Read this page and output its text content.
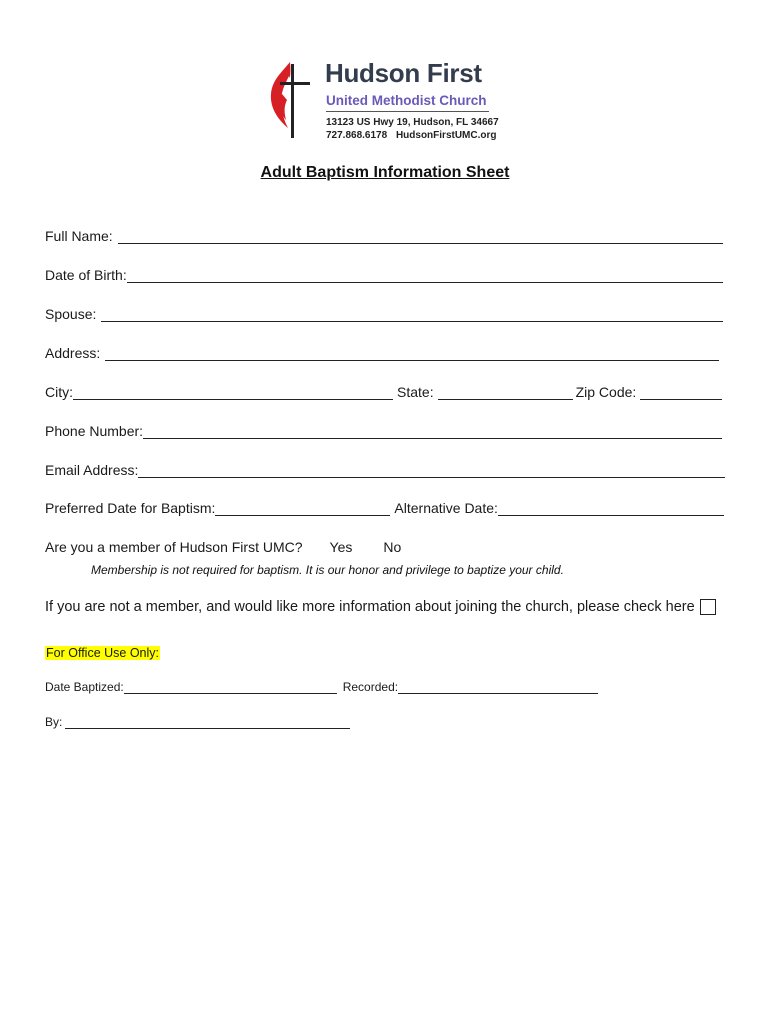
Hudson First
United Methodist Church
13123 US Hwy 19, Hudson, FL 34667
727.868.6178 HudsonFirstUMC.org
Adult Baptism Information Sheet
Full Name:
Date of Birth:
Spouse:
Address:
City:	State:	Zip Code:
Phone Number:
Email Address:
Preferred Date for Baptism:	Alternative Date:
Are you a member of Hudson First UMC? Yes No
Membership is not required for baptism. It is our honor and privilege to baptize your child.
If you are not a member, and would like more information about joining the church, please check here
For Office Use Only:
Date Baptized:	Recorded:
By:
